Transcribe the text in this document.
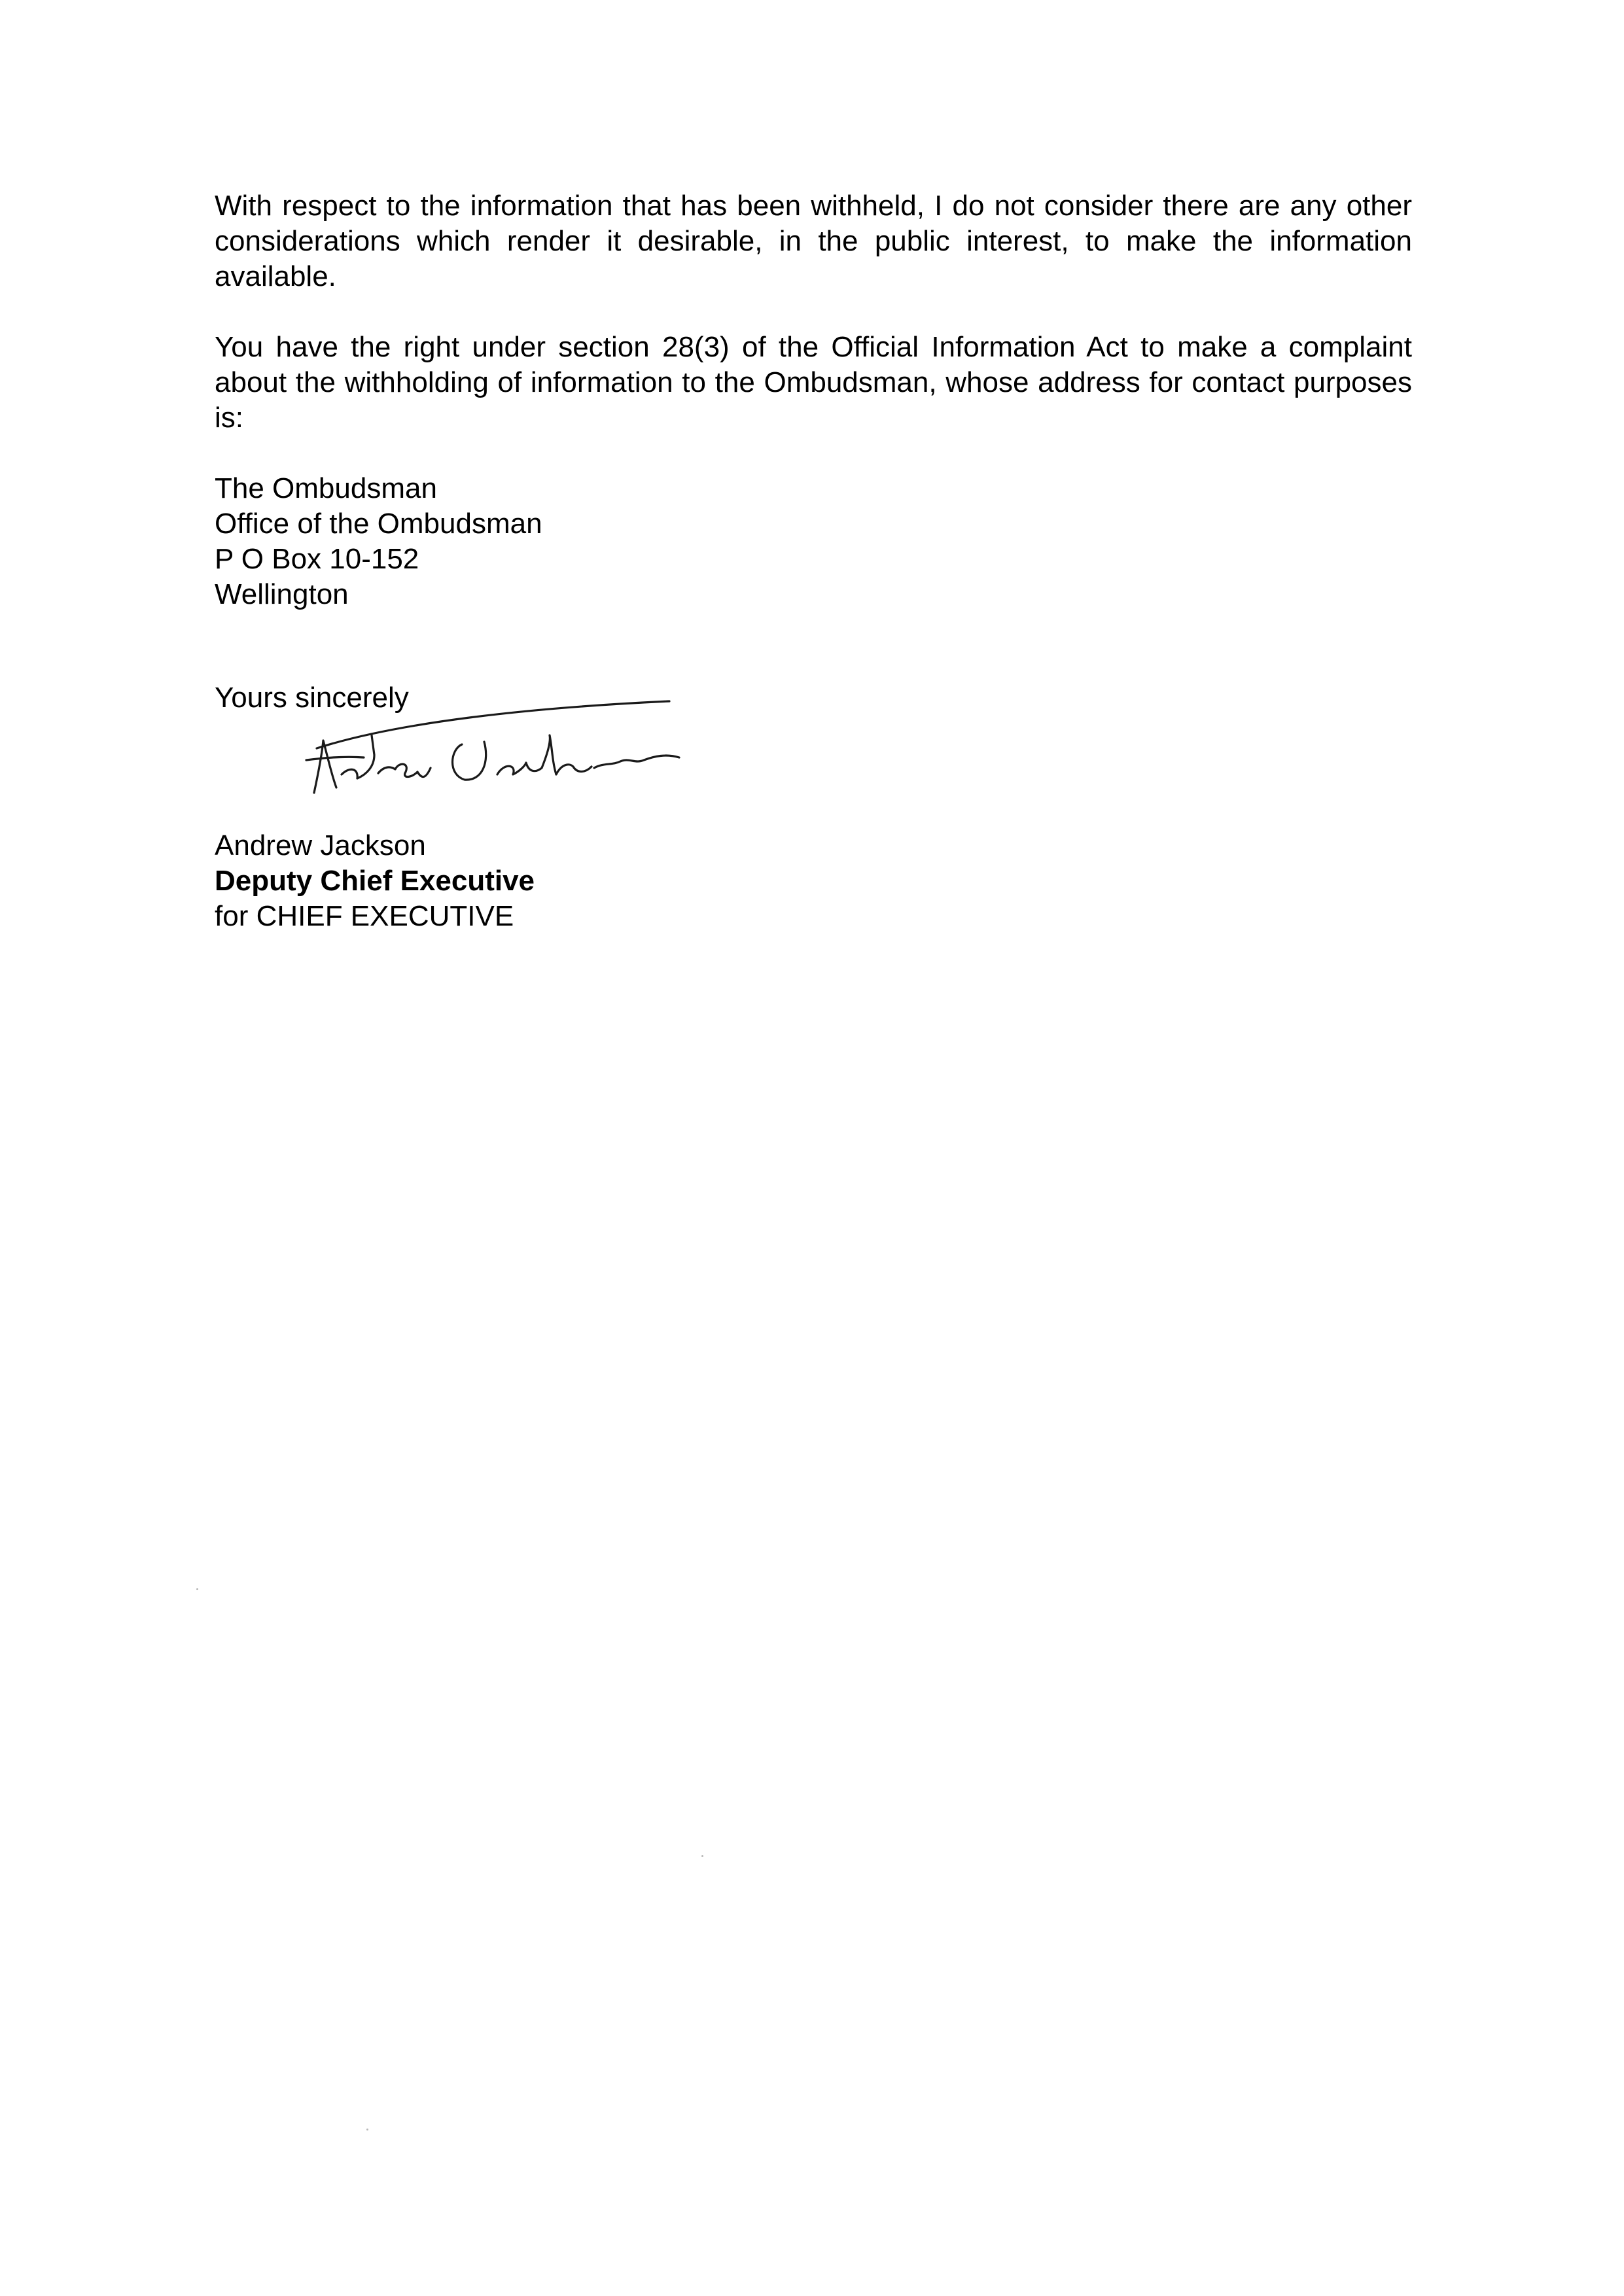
With respect to the information that has been withheld, I do not consider there are any other considerations which render it desirable, in the public interest, to make the information available.

You have the right under section 28(3) of the Official Information Act to make a complaint about the withholding of information to the Ombudsman, whose address for contact purposes is:

The Ombudsman
Office of the Ombudsman
P O Box 10-152
Wellington
Yours sincerely
Andrew Jackson
Deputy Chief Executive
for CHIEF EXECUTIVE
